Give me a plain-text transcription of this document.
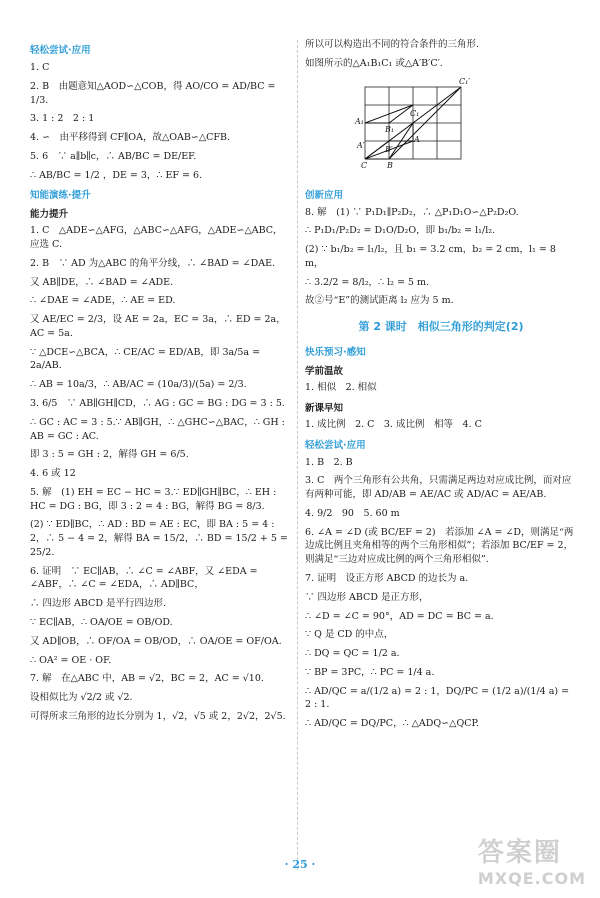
轻松尝试·应用
1. C
2. B　由题意知△AOD∽△COB，得 AO/CO = AD/BC = 1/3.
3. 1 : 2　2 : 1
4. ∽　由平移得到 CF∥OA，故△OAB∽△CFB.
5. 6　∵ a∥b∥c，∴ AB/BC = DE/EF.
∴ AB/BC = 1/2 ，DE = 3，∴ EF = 6.
知能演练·提升
能力提升
1. C　△ADE∽△AFG，△ABC∽△AFG，△ADE∽△ABC，应选 C.
2. B　∵ AD 为△ABC 的角平分线，∴ ∠BAD = ∠DAE.
又 AB∥DE，∴ ∠BAD = ∠ADE.
∴ ∠DAE = ∠ADE，∴ AE = ED.
又 AE/EC = 2/3，设 AE = 2a，EC = 3a，∴ ED = 2a，AC = 5a.
∵ △DCE∽△BCA，∴ CE/AC = ED/AB，即 3a/5a = 2a/AB.
∴ AB = 10a/3，∴ AB/AC = (10a/3)/(5a) = 2/3.
3. 6/5　∵ AB∥GH∥CD，∴ AG : GC = BG : DG = 3 : 5.
∴ GC : AC = 3 : 5.∵ AB∥GH，∴ △GHC∽△BAC，∴ GH : AB = GC : AC.
即 3 : 5 = GH : 2，解得 GH = 6/5.
4. 6 或 12
5. 解　(1) EH = EC − HC = 3.∵ ED∥GH∥BC，∴ EH : HC = DG : BG，即 3 : 2 = 4 : BG，解得 BG = 8/3.
(2) ∵ ED∥BC，∴ AD : BD = AE : EC，即 BA : 5 = 4 : 2，∴ 5 − 4 = 2，解得 BA = 15/2，∴ BD = 15/2 + 5 = 25/2.
6. 证明　∵ EC∥AB，∴ ∠C = ∠ABF，又 ∠EDA = ∠ABF，∴ ∠C = ∠EDA，∴ AD∥BC，
∴ 四边形 ABCD 是平行四边形.
∵ EC∥AB，∴ OA/OE = OB/OD.
又 AD∥OB，∴ OF/OA = OB/OD，∴ OA/OE = OF/OA.
∴ OA² = OE · OF.
7. 解　在△ABC 中，AB = √2，BC = 2，AC = √10.
设相似比为 √2/2 或 √2.
可得所求三角形的边长分别为 1，√2，√5 或 2，2√2，2√5.
所以可以构造出不同的符合条件的三角形.
如图所示的△A₁B₁C₁ 或△A′B′C′.
C₁′
A₁
B₁
C₁
A
A′	B′
C B
创新应用
8. 解　(1) ∵ P₁D₁∥P₂D₂，∴ △P₁D₁O∽△P₂D₂O.
∴ P₁D₁/P₂D₂ = D₁O/D₂O，即 b₁/b₂ = l₁/l₂.
(2) ∵ b₁/b₂ = l₁/l₂，且 b₁ = 3.2 cm，b₂ = 2 cm，l₁ = 8 m，
∴ 3.2/2 = 8/l₂，∴ l₂ = 5 m.
故②号“E”的测试距离 l₂ 应为 5 m.
第 2 课时　相似三角形的判定(2)
快乐预习·感知
学前温故
1. 相似　2. 相似
新课早知
1. 成比例　2. C　3. 成比例　相等　4. C
轻松尝试·应用
1. B　2. B
3. C　两个三角形有公共角，只需满足两边对应成比例，而对应有两种可能，即 AD/AB = AE/AC 或 AD/AC = AE/AB.
4. 9/2　90　5. 60 m
6. ∠A = ∠D (或 BC/EF = 2)　若添加 ∠A = ∠D，则满足“两边成比例且夹角相等的两个三角形相似”；若添加 BC/EF = 2，则满足“三边对应成比例的两个三角形相似”.
7. 证明　设正方形 ABCD 的边长为 a.
∵ 四边形 ABCD 是正方形，
∴ ∠D = ∠C = 90°，AD = DC = BC = a.
∵ Q 是 CD 的中点，
∴ DQ = QC = 1/2 a.
∵ BP = 3PC，∴ PC = 1/4 a.
∴ AD/QC = a/(1/2 a) = 2 : 1，DQ/PC = (1/2 a)/(1/4 a) = 2 : 1.
∴ AD/QC = DQ/PC，∴ △ADQ∽△QCP.
· 25 ·	答案圈
MXQE.COM
